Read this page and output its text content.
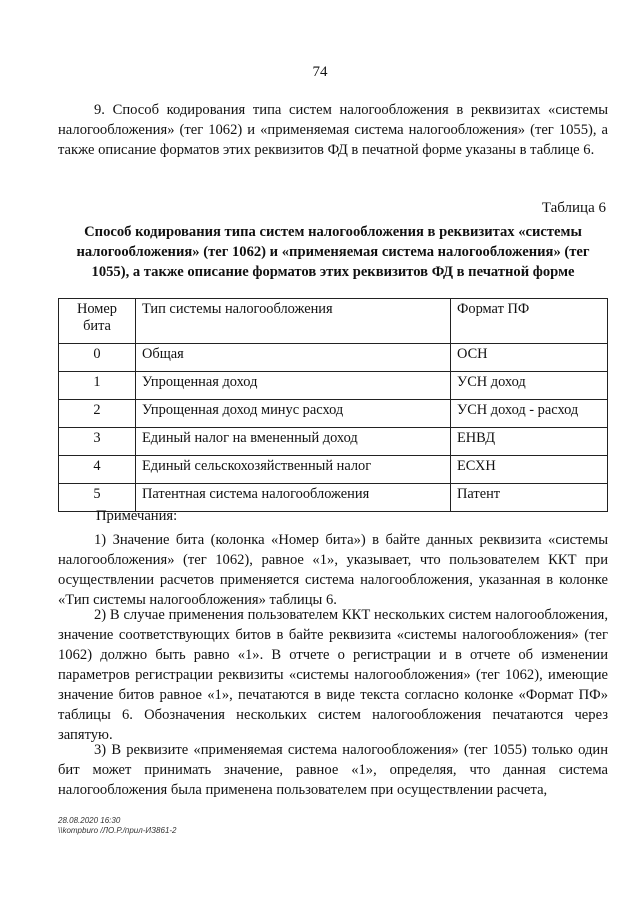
74
9. Способ кодирования типа систем налогообложения в реквизитах «системы налогообложения» (тег 1062) и «применяемая система налогообложения» (тег 1055), а также описание форматов этих реквизитов ФД в печатной форме указаны в таблице 6.
Таблица 6
Способ кодирования типа систем налогообложения в реквизитах «системы налогообложения» (тег 1062) и «применяемая система налогообложения» (тег 1055), а также описание форматов этих реквизитов ФД в печатной форме
Номер бита	Тип системы налогообложения	Формат ПФ
0	Общая	ОСН
1	Упрощенная доход	УСН доход
2	Упрощенная доход минус расход	УСН доход - расход
3	Единый налог на вмененный доход	ЕНВД
4	Единый сельскохозяйственный налог	ЕСХН
5	Патентная система налогообложения	Патент
Примечания:
1) Значение бита (колонка «Номер бита») в байте данных реквизита «системы налогообложения» (тег 1062), равное «1», указывает, что пользователем ККТ при осуществлении расчетов применяется система налогообложения, указанная в колонке «Тип системы налогообложения» таблицы 6.
2) В случае применения пользователем ККТ нескольких систем налогообложения, значение соответствующих битов в байте реквизита «системы налогообложения» (тег 1062) должно быть равно «1». В отчете о регистрации и в отчете об изменении параметров регистрации реквизиты «системы налогообложения» (тег 1062), имеющие значение битов равное «1», печатаются в виде текста согласно колонке «Формат ПФ» таблицы 6. Обозначения нескольких систем налогообложения печатаются через запятую.
3) В реквизите «применяемая система налогообложения» (тег 1055) только один бит может принимать значение, равное «1», определяя, что данная система налогообложения была применена пользователем при осуществлении расчета,
28.08.2020 16:30
\\kompburo /ЛО.Р./прил-ИЗ861-2
